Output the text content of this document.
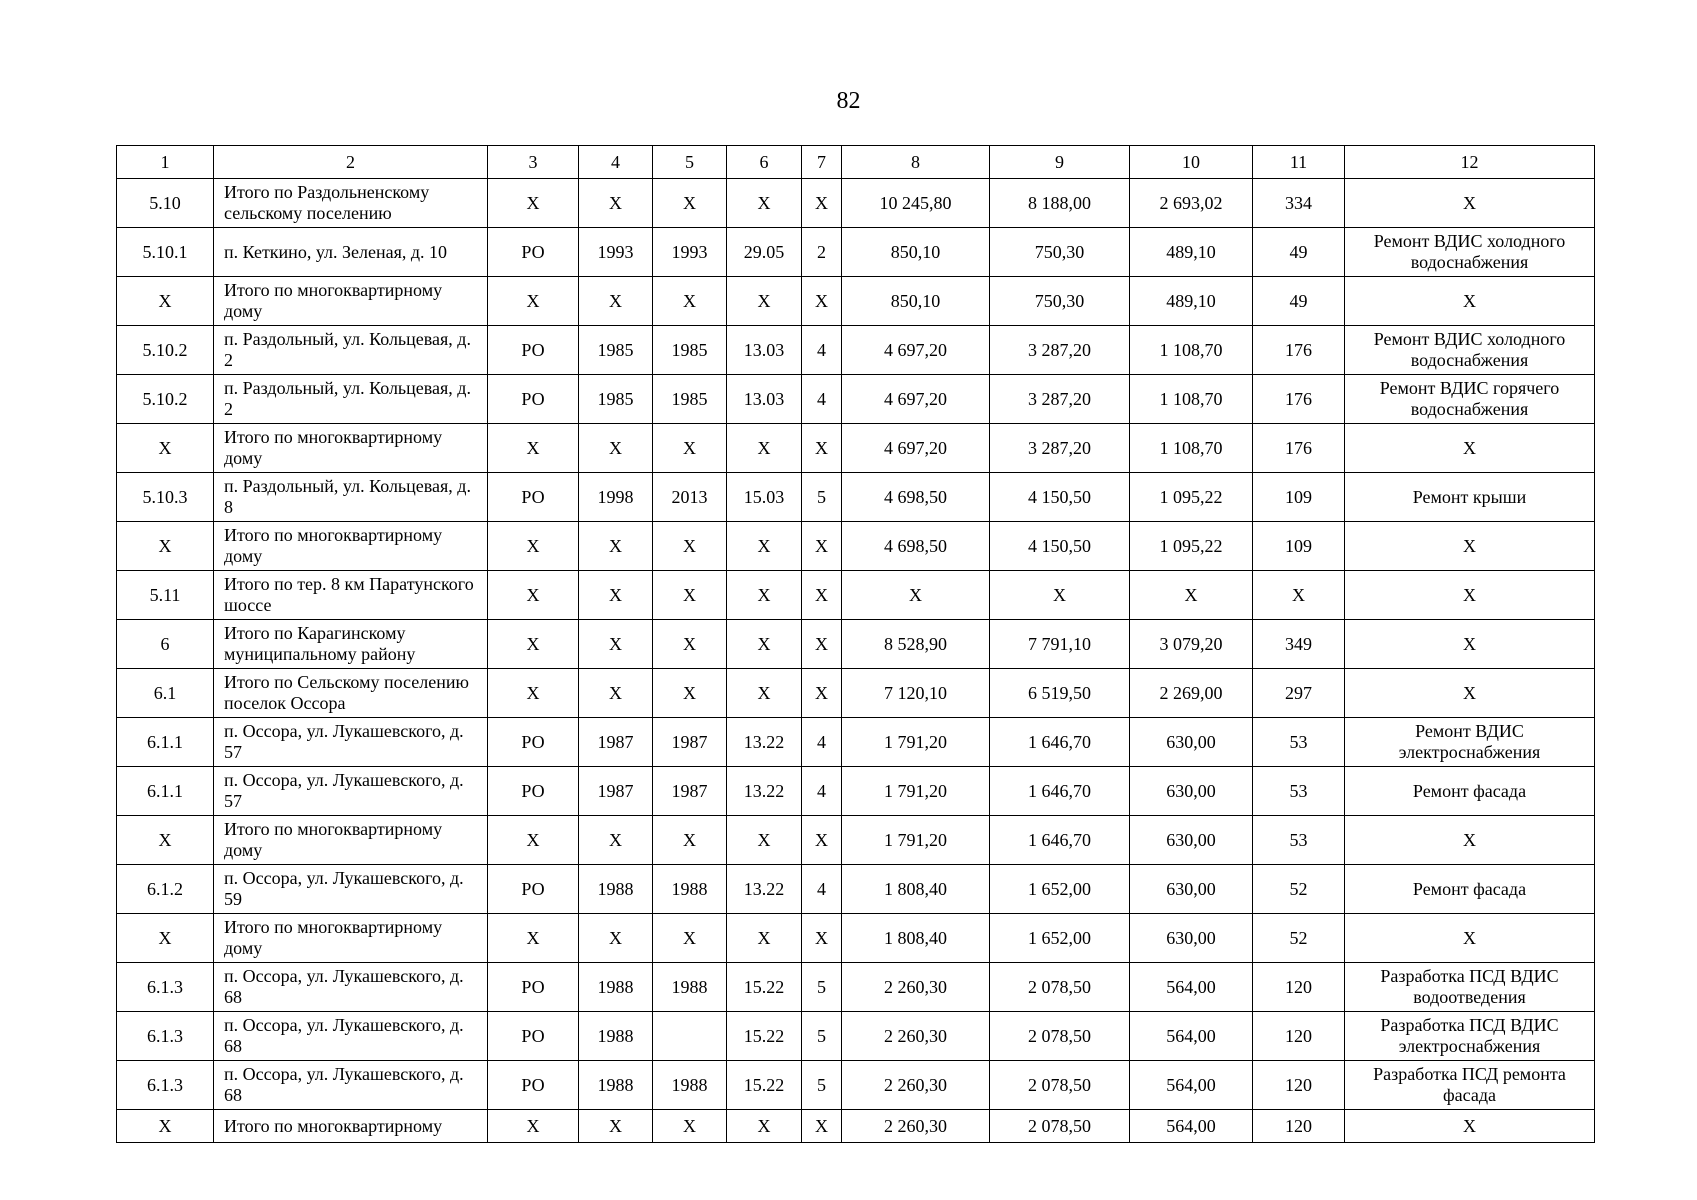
82
1	2	3	4	5	6	7	8	9	10	11	12
5.10	Итого по Раздольненскому сельскому поселению	Х	Х	Х	Х	Х	10 245,80	8 188,00	2 693,02	334	Х
5.10.1	п. Кеткино, ул. Зеленая, д. 10	РО	1993	1993	29.05	2	850,10	750,30	489,10	49	Ремонт ВДИС холодного водоснабжения
Х	Итого по многоквартирному дому	Х	Х	Х	Х	Х	850,10	750,30	489,10	49	Х
5.10.2	п. Раздольный, ул. Кольцевая, д. 2	РО	1985	1985	13.03	4	4 697,20	3 287,20	1 108,70	176	Ремонт ВДИС холодного водоснабжения
5.10.2	п. Раздольный, ул. Кольцевая, д. 2	РО	1985	1985	13.03	4	4 697,20	3 287,20	1 108,70	176	Ремонт ВДИС горячего водоснабжения
Х	Итого по многоквартирному дому	Х	Х	Х	Х	Х	4 697,20	3 287,20	1 108,70	176	Х
5.10.3	п. Раздольный, ул. Кольцевая, д. 8	РО	1998	2013	15.03	5	4 698,50	4 150,50	1 095,22	109	Ремонт крыши
Х	Итого по многоквартирному дому	Х	Х	Х	Х	Х	4 698,50	4 150,50	1 095,22	109	Х
5.11	Итого по тер. 8 км Паратунского шоссе	Х	Х	Х	Х	Х	Х	Х	Х	Х	Х
6	Итого по Карагинскому муниципальному району	Х	Х	Х	Х	Х	8 528,90	7 791,10	3 079,20	349	Х
6.1	Итого по Сельскому поселению поселок Оссора	Х	Х	Х	Х	Х	7 120,10	6 519,50	2 269,00	297	Х
6.1.1	п. Оссора, ул. Лукашевского, д. 57	РО	1987	1987	13.22	4	1 791,20	1 646,70	630,00	53	Ремонт ВДИС электроснабжения
6.1.1	п. Оссора, ул. Лукашевского, д. 57	РО	1987	1987	13.22	4	1 791,20	1 646,70	630,00	53	Ремонт фасада
Х	Итого по многоквартирному дому	Х	Х	Х	Х	Х	1 791,20	1 646,70	630,00	53	Х
6.1.2	п. Оссора, ул. Лукашевского, д. 59	РО	1988	1988	13.22	4	1 808,40	1 652,00	630,00	52	Ремонт фасада
Х	Итого по многоквартирному дому	Х	Х	Х	Х	Х	1 808,40	1 652,00	630,00	52	Х
6.1.3	п. Оссора, ул. Лукашевского, д. 68	РО	1988	1988	15.22	5	2 260,30	2 078,50	564,00	120	Разработка ПСД ВДИС водоотведения
6.1.3	п. Оссора, ул. Лукашевского, д. 68	РО	1988		15.22	5	2 260,30	2 078,50	564,00	120	Разработка ПСД ВДИС электроснабжения
6.1.3	п. Оссора, ул. Лукашевского, д. 68	РО	1988	1988	15.22	5	2 260,30	2 078,50	564,00	120	Разработка ПСД ремонта фасада
Х	Итого по многоквартирному	Х	Х	Х	Х	Х	2 260,30	2 078,50	564,00	120	Х
